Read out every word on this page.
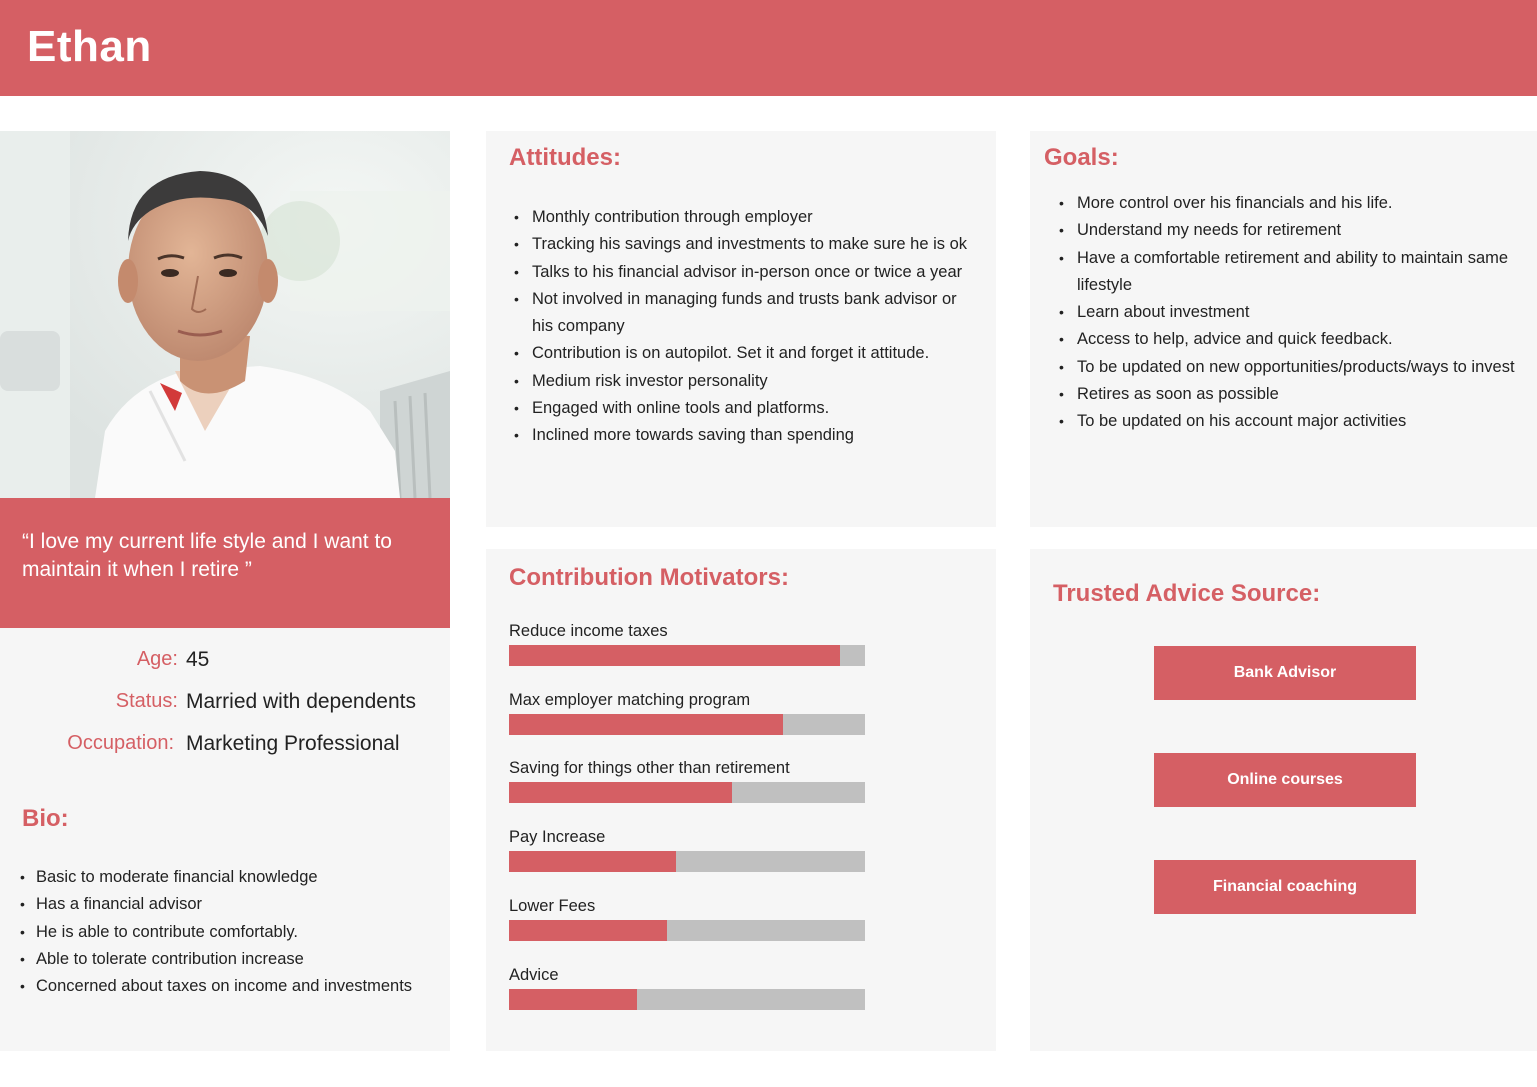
Ethan
“I love my current life style and I want to maintain it when I retire ”
Age: 45
Status: Married with dependents
Occupation: Marketing Professional
Bio:
• Basic to moderate financial knowledge
• Has a financial advisor
• He is able to contribute comfortably.
• Able to tolerate contribution increase
• Concerned about taxes on income and investments
Attitudes:
• Monthly contribution through employer
• Tracking his savings and investments to make sure he is ok
• Talks to his financial advisor in-person once or twice a year
• Not involved in managing funds and trusts bank advisor or his company
• Contribution is on autopilot. Set it and forget it attitude.
• Medium risk investor personality
• Engaged with online tools and platforms.
• Inclined more towards saving than spending
Goals:
• More control over his financials and his life.
• Understand my needs for retirement
• Have a comfortable retirement and ability to maintain same lifestyle
• Learn about investment
• Access to help, advice and quick feedback.
• To be updated on new opportunities/products/ways to invest
• Retires as soon as possible
• To be updated on his account major activities
Contribution Motivators:
Reduce income taxes
Max employer matching program
Saving for things other than retirement
Pay Increase
Lower Fees
Advice
Trusted Advice Source:
Bank Advisor
Online courses
Financial coaching
